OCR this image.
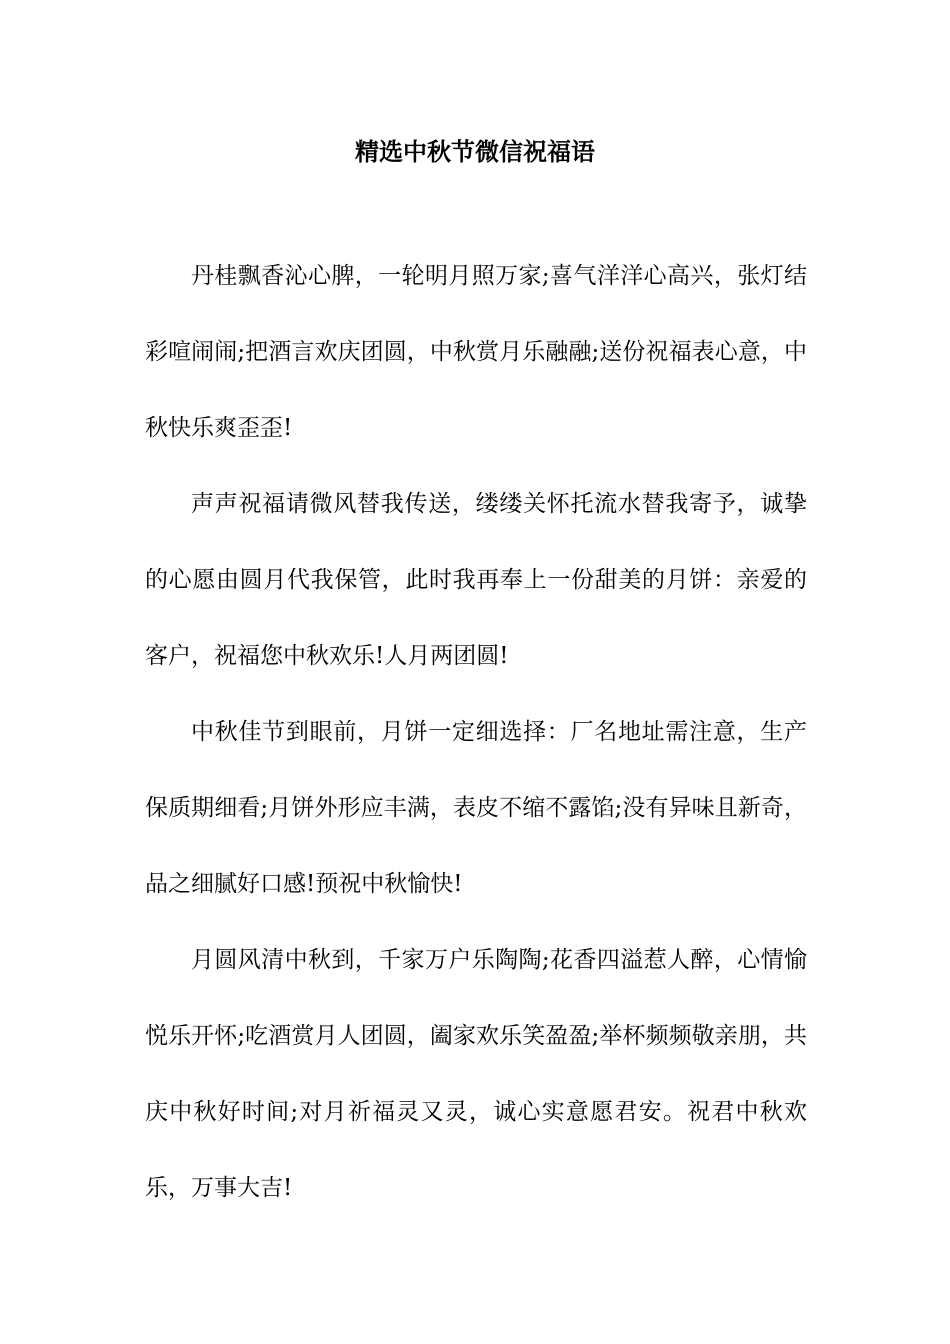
精选中秋节微信祝福语

丹桂飘香沁心脾，一轮明月照万家;喜气洋洋心高兴，张灯结彩喧闹闹;把酒言欢庆团圆，中秋赏月乐融融;送份祝福表心意，中秋快乐爽歪歪!

声声祝福请微风替我传送，缕缕关怀托流水替我寄予，诚挚的心愿由圆月代我保管，此时我再奉上一份甜美的月饼：亲爱的客户，祝福您中秋欢乐!人月两团圆!

中秋佳节到眼前，月饼一定细选择：厂名地址需注意，生产保质期细看;月饼外形应丰满，表皮不缩不露馅;没有异味且新奇，品之细腻好口感!预祝中秋愉快!

月圆风清中秋到，千家万户乐陶陶;花香四溢惹人醉，心情愉悦乐开怀;吃酒赏月人团圆，阖家欢乐笑盈盈;举杯频频敬亲朋，共庆中秋好时间;对月祈福灵又灵，诚心实意愿君安。祝君中秋欢乐，万事大吉!
